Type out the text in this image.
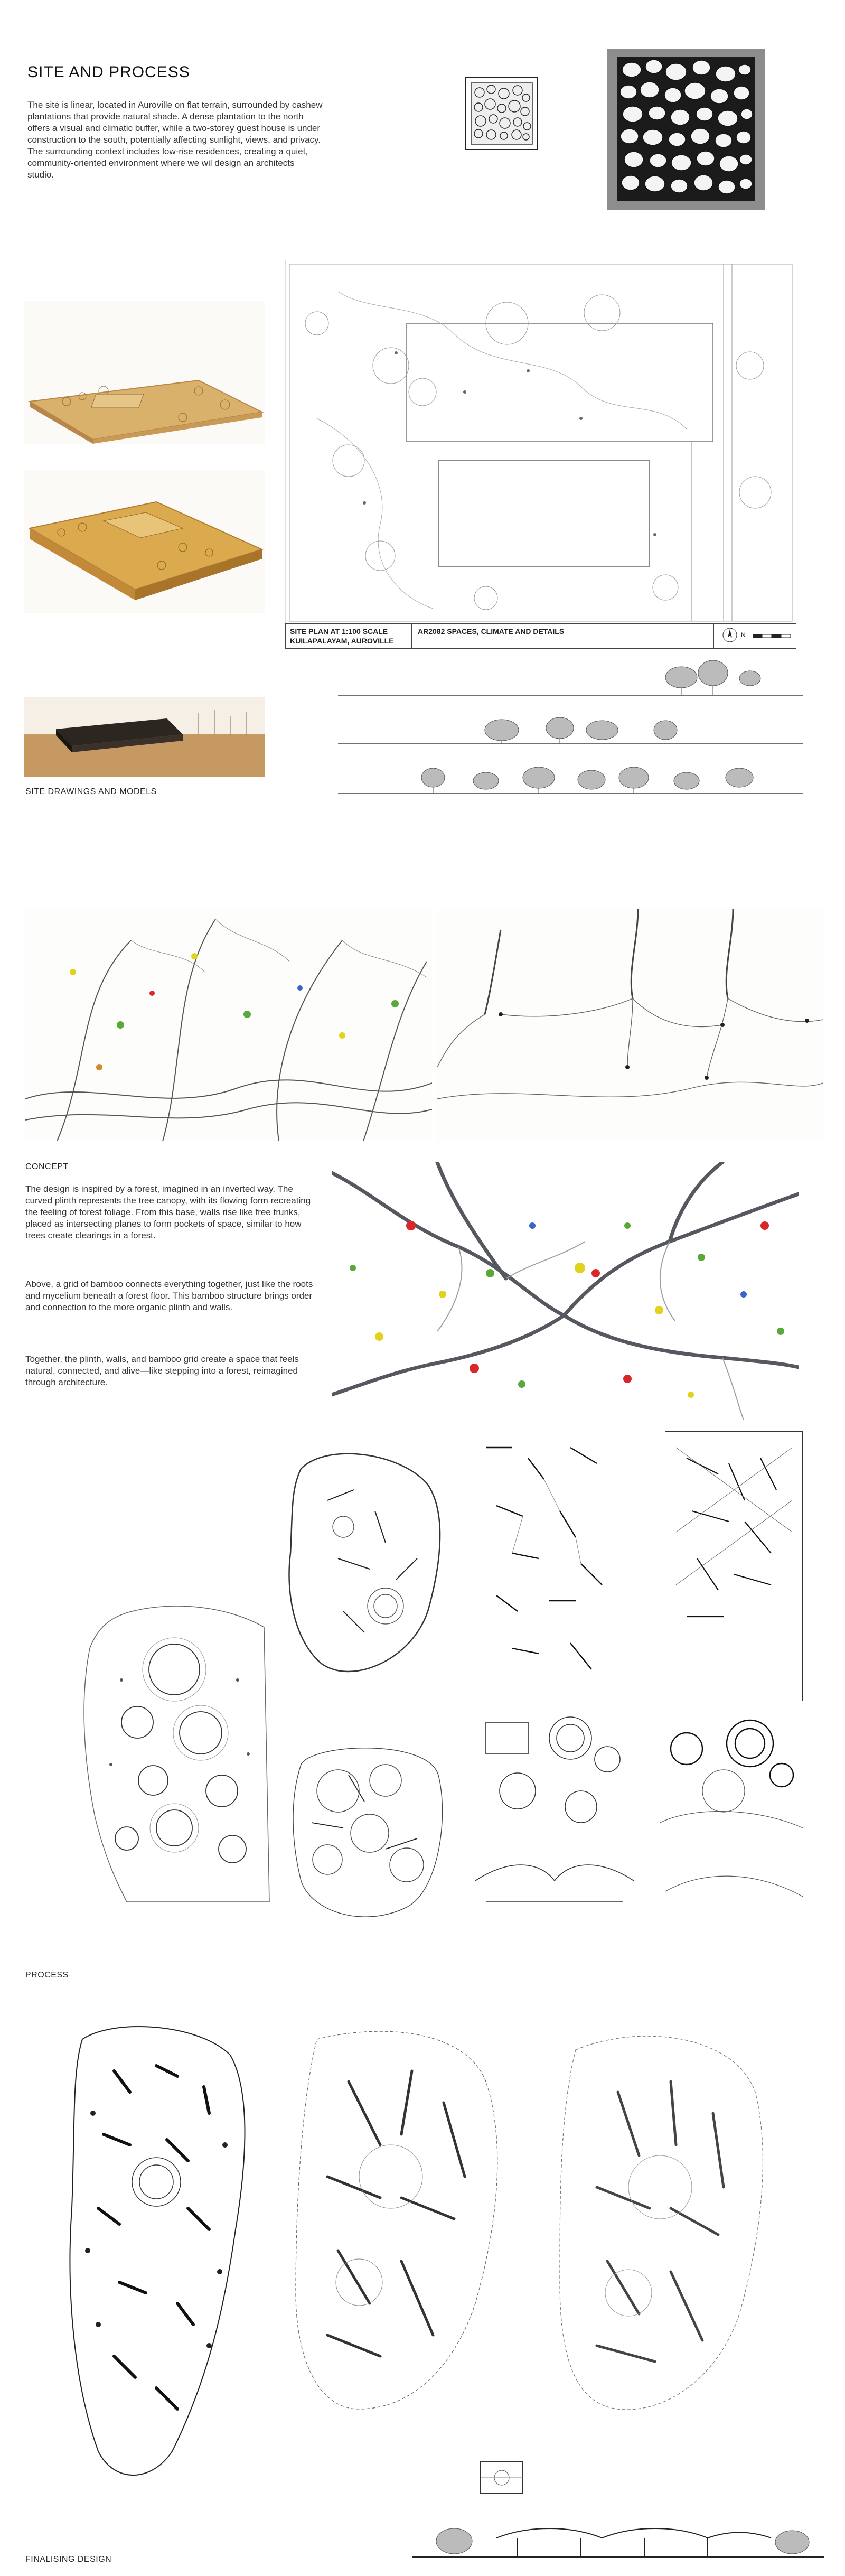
SITE AND PROCESS
The site is linear, located in Auroville on flat terrain, surrounded by cashew plantations that provide natural shade. A dense plantation to the north offers a visual and climatic buffer, while a two-storey guest house is under construction to the south, potentially affecting sunlight, views, and privacy. The surrounding context includes low-rise residences, creating a quiet, community-oriented environment where we wil design an architects studio.
SITE DRAWINGS AND MODELS
SITE PLAN AT 1:100 SCALE
KUILAPALAYAM, AUROVILLE
AR2082 SPACES, CLIMATE AND DETAILS	N
CONCEPT
The design is inspired by a forest, imagined in an inverted way. The curved plinth represents the tree canopy, with its flowing form recreating the feeling of forest foliage. From this base, walls rise like free trunks, placed as intersecting planes to form pockets of space, similar to how trees create clearings in a forest.
Above, a grid of bamboo connects everything together, just like the roots and mycelium beneath a forest floor. This bamboo structure brings order and connection to the more organic plinth and walls.
Together, the plinth, walls, and bamboo grid create a space that feels natural, connected, and alive—like stepping into a forest, reimagined through architecture.
PROCESS
FINALISING DESIGN
